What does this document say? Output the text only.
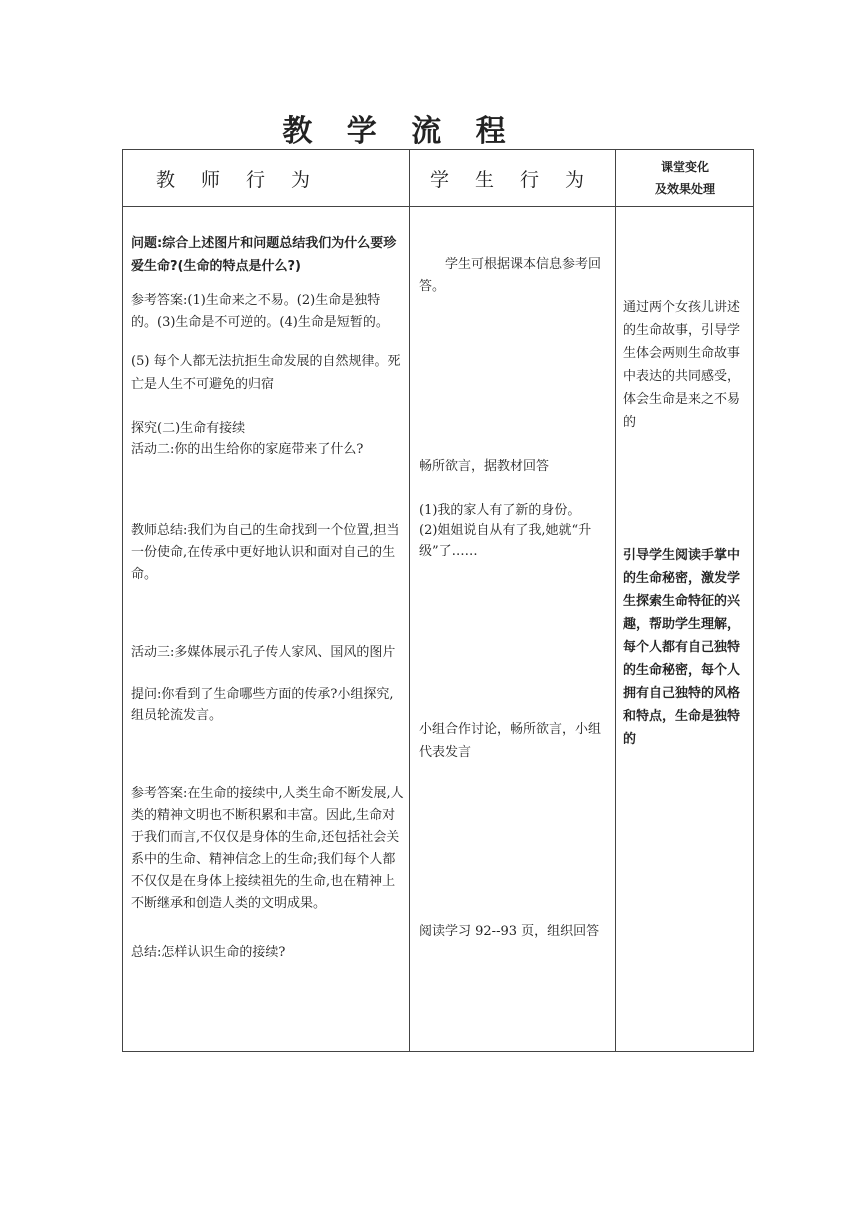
教 学 流 程
教 师 行 为	学 生 行 为
课堂变化
及效果处理

问题:综合上述图片和问题总结我们为什么要珍爱生命?(生命的特点是什么?)

参考答案:(1)生命来之不易。(2)生命是独特的。(3)生命是不可逆的。(4)生命是短暂的。

(5) 每个人都无法抗拒生命发展的自然规律。死亡是人生不可避免的归宿

探究(二)生命有接续

活动二:你的出生给你的家庭带来了什么?

教师总结:我们为自己的生命找到一个位置,担当一份使命,在传承中更好地认识和面对自己的生命。

活动三:多媒体展示孔子传人家风、国风的图片

提问:你看到了生命哪些方面的传承?小组探究,组员轮流发言。

参考答案:在生命的接续中,人类生命不断发展,人类的精神文明也不断积累和丰富。因此,生命对于我们而言,不仅仅是身体的生命,还包括社会关系中的生命、精神信念上的生命;我们每个人都不仅仅是在身体上接续祖先的生命,也在精神上不断继承和创造人类的文明成果。

总结:怎样认识生命的接续?

学生可根据课本信息参考回答。

畅所欲言，据教材回答

(1)我的家人有了新的身份。

(2)姐姐说自从有了我,她就“升级”了……

小组合作讨论，畅所欲言，小组代表发言

阅读学习 92--93 页，组织回答

通过两个女孩儿讲述的生命故事，引导学生体会两则生命故事中表达的共同感受，体会生命是来之不易的

引导学生阅读手掌中的生命秘密，激发学生探索生命特征的兴趣，帮助学生理解，每个人都有自己独特的生命秘密，每个人拥有自己独特的风格和特点，生命是独特的
